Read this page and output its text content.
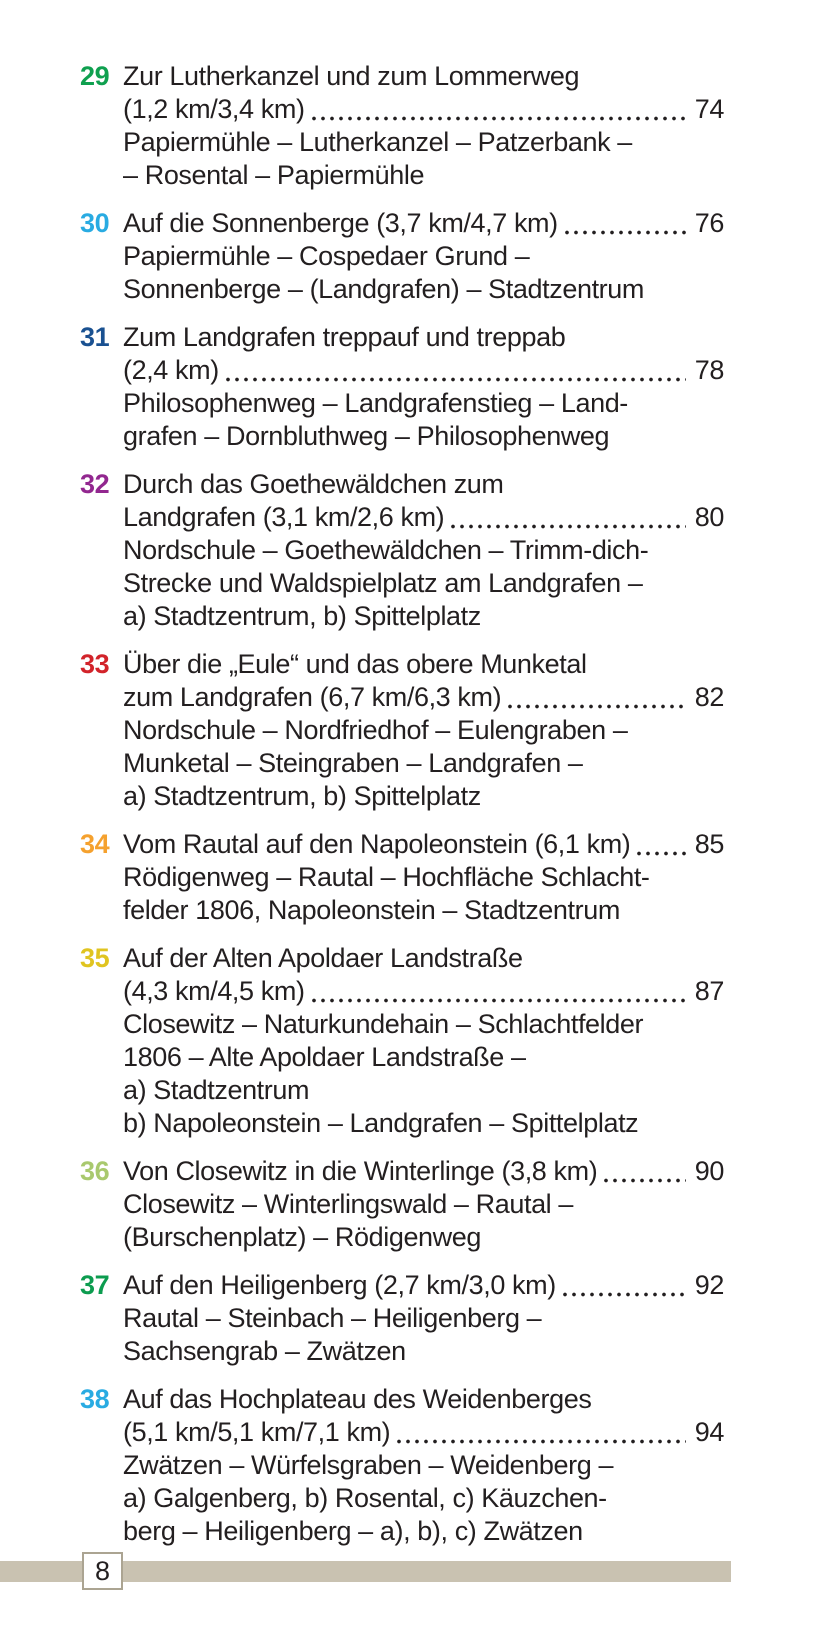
29 Zur Lutherkanzel und zum Lommerweg
(1,2 km/3,4 km)	74
Papiermühle – Lutherkanzel – Patzerbank –
– Rosental – Papiermühle
30 Auf die Sonnenberge (3,7 km/4,7 km)	76
Papiermühle – Cospedaer Grund –
Sonnenberge – (Landgrafen) – Stadtzentrum
31 Zum Landgrafen treppauf und treppab
(2,4 km)	78
Philosophenweg – Landgrafenstieg – Land-
grafen – Dornbluthweg – Philosophenweg
32 Durch das Goethewäldchen zum
Landgrafen (3,1 km/2,6 km)	80
Nordschule – Goethewäldchen – Trimm-dich-
Strecke und Waldspielplatz am Landgrafen –
a) Stadtzentrum, b) Spittelplatz
33 Über die „Eule“ und das obere Munketal
zum Landgrafen (6,7 km/6,3 km)	82
Nordschule – Nordfriedhof – Eulengraben –
Munketal – Steingraben – Landgrafen –
a) Stadtzentrum, b) Spittelplatz
34 Vom Rautal auf den Napoleonstein (6,1 km) 85
Rödigenweg – Rautal – Hochfläche Schlacht-
felder 1806, Napoleonstein – Stadtzentrum
35 Auf der Alten Apoldaer Landstraße
(4,3 km/4,5 km)	87
Closewitz – Naturkundehain – Schlachtfelder
1806 – Alte Apoldaer Landstraße –
a) Stadtzentrum
b) Napoleonstein – Landgrafen – Spittelplatz
36 Von Closewitz in die Winterlinge (3,8 km)	90
Closewitz – Winterlingswald – Rautal –
(Burschenplatz) – Rödigenweg
37 Auf den Heiligenberg (2,7 km/3,0 km)	92
Rautal – Steinbach – Heiligenberg –
Sachsengrab – Zwätzen
38 Auf das Hochplateau des Weidenberges
(5,1 km/5,1 km/7,1 km)	94
Zwätzen – Würfelsgraben – Weidenberg –
a) Galgenberg, b) Rosental, c) Käuzchen-
berg – Heiligenberg – a), b), c) Zwätzen
8
